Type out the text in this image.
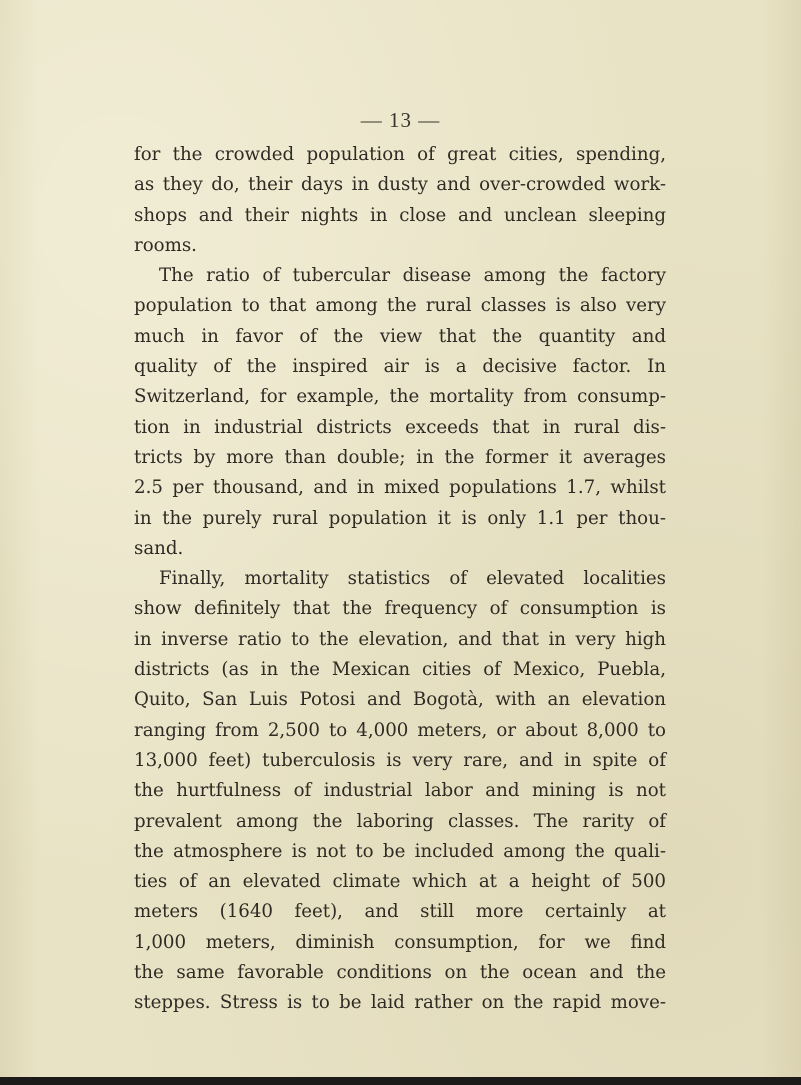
— 13 —
for the crowded population of great cities, spending,
as they do, their days in dusty and over-crowded work-
shops and their nights in close and unclean sleeping
rooms.
The ratio of tubercular disease among the factory
population to that among the rural classes is also very
much in favor of the view that the quantity and
quality of the inspired air is a decisive factor. In
Switzerland, for example, the mortality from consump-
tion in industrial districts exceeds that in rural dis-
tricts by more than double; in the former it averages
2.5 per thousand, and in mixed populations 1.7, whilst
in the purely rural population it is only 1.1 per thou-
sand.
Finally, mortality statistics of elevated localities
show definitely that the frequency of consumption is
in inverse ratio to the elevation, and that in very high
districts (as in the Mexican cities of Mexico, Puebla,
Quito, San Luis Potosi and Bogotà, with an elevation
ranging from 2,500 to 4,000 meters, or about 8,000 to
13,000 feet) tuberculosis is very rare, and in spite of
the hurtfulness of industrial labor and mining is not
prevalent among the laboring classes. The rarity of
the atmosphere is not to be included among the quali-
ties of an elevated climate which at a height of 500
meters (1640 feet), and still more certainly at
1,000 meters, diminish consumption, for we find
the same favorable conditions on the ocean and the
steppes. Stress is to be laid rather on the rapid move-
